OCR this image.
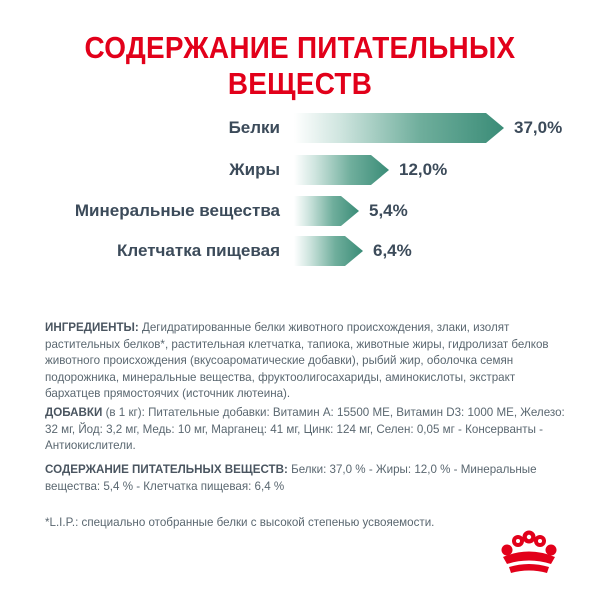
СОДЕРЖАНИЕ ПИТАТЕЛЬНЫХ ВЕЩЕСТВ
Белки	37,0%
Жиры	12,0%
Минеральные вещества	5,4%
Клетчатка пищевая	6,4%
ИНГРЕДИЕНТЫ: Дегидратированные белки животного происхождения, злаки, изолят растительных белков*, растительная клетчатка, тапиока, животные жиры, гидролизат белков животного происхождения (вкусоароматические добавки), рыбий жир, оболочка семян подорожника, минеральные вещества, фруктоолигосахариды, аминокислоты, экстракт бархатцев прямостоячих (источник лютеина).
ДОБАВКИ (в 1 кг): Питательные добавки: Витамин А: 15500 МЕ, Витамин D3: 1000 МЕ, Железо: 32 мг, Йод: 3,2 мг, Медь: 10 мг, Марганец: 41 мг, Цинк: 124 мг, Селен: 0,05 мг - Консерванты - Антиокислители.
СОДЕРЖАНИЕ ПИТАТЕЛЬНЫХ ВЕЩЕСТВ: Белки: 37,0 % - Жиры: 12,0 % - Минеральные вещества: 5,4 % - Клетчатка пищевая: 6,4 %
*L.I.P.: специально отобранные белки с высокой степенью усвояемости.
